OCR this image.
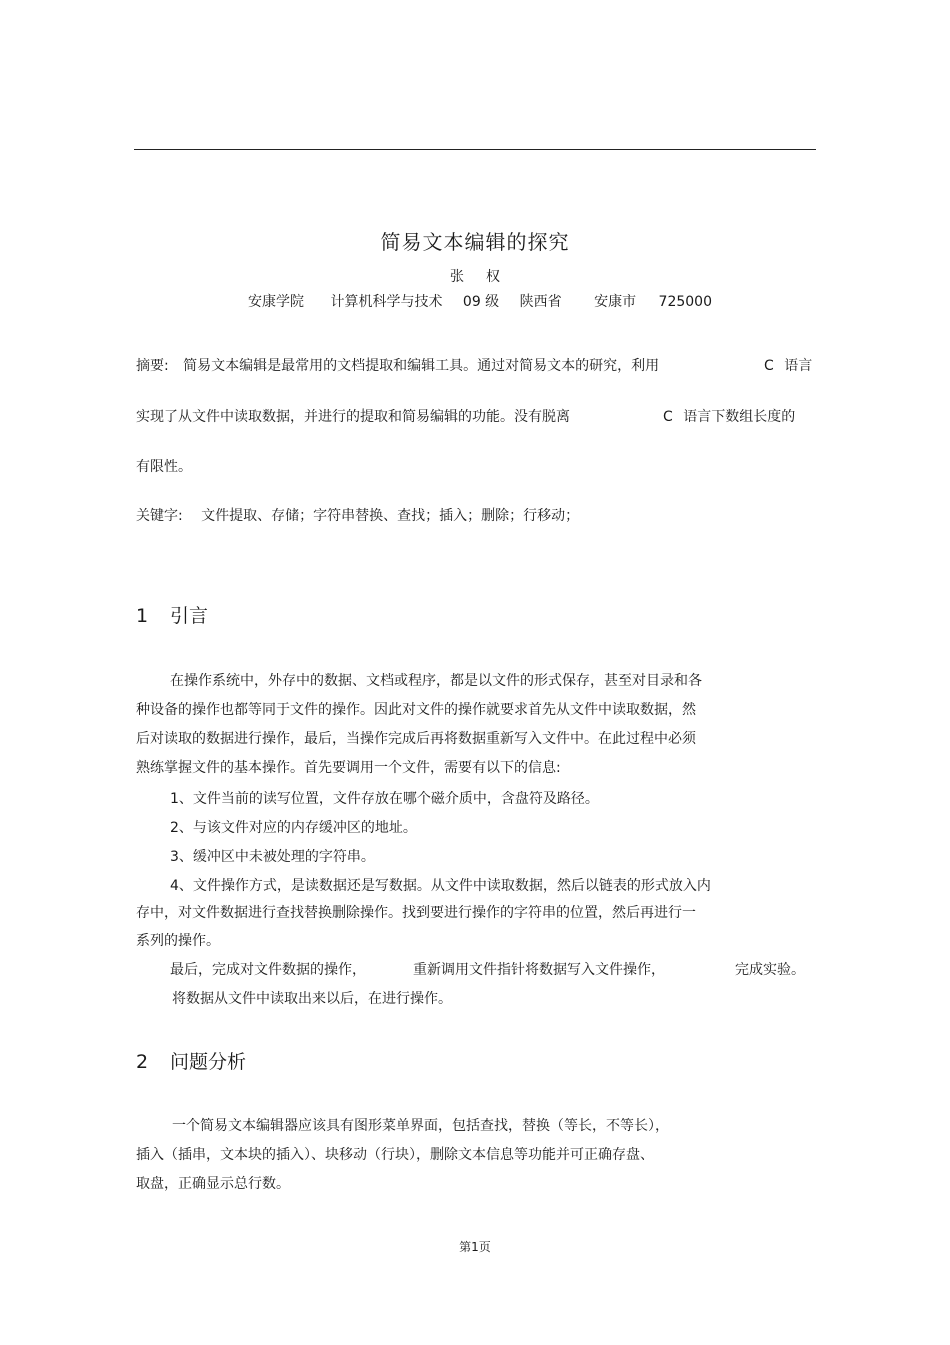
简易文本编辑的探究
张 权
安康学院 计算机科学与技术 09 级 陕西省 安康市 725000
摘要: 简易文本编辑是最常用的文档提取和编辑工具。通过对简易文本的研究，利用	C 语言
实现了从文件中读取数据，并进行的提取和简易编辑的功能。没有脱离	C 语言下数组长度的
有限性。
关键字: 文件提取、存储；字符串替换、查找；插入；删除；行移动；
1 引言
在操作系统中，外存中的数据、文档或程序，都是以文件的形式保存，甚至对目录和各
种设备的操作也都等同于文件的操作。因此对文件的操作就要求首先从文件中读取数据，然
后对读取的数据进行操作，最后，当操作完成后再将数据重新写入文件中。在此过程中必须
熟练掌握文件的基本操作。首先要调用一个文件，需要有以下的信息:
1、文件当前的读写位置，文件存放在哪个磁介质中，含盘符及路径。
2、与该文件对应的内存缓冲区的地址。
3、缓冲区中未被处理的字符串。
4、文件操作方式，是读数据还是写数据。从文件中读取数据，然后以链表的形式放入内
存中，对文件数据进行查找替换删除操作。找到要进行操作的字符串的位置，然后再进行一
系列的操作。
最后，完成对文件数据的操作，	重新调用文件指针将数据写入文件操作，	完成实验。
将数据从文件中读取出来以后，在进行操作。
2 问题分析
一个简易文本编辑器应该具有图形菜单界面，包括查找，替换（等长，不等长），
插入（插串，文本块的插入）、块移动（行块），删除文本信息等功能并可正确存盘、
取盘，正确显示总行数。
第1页
